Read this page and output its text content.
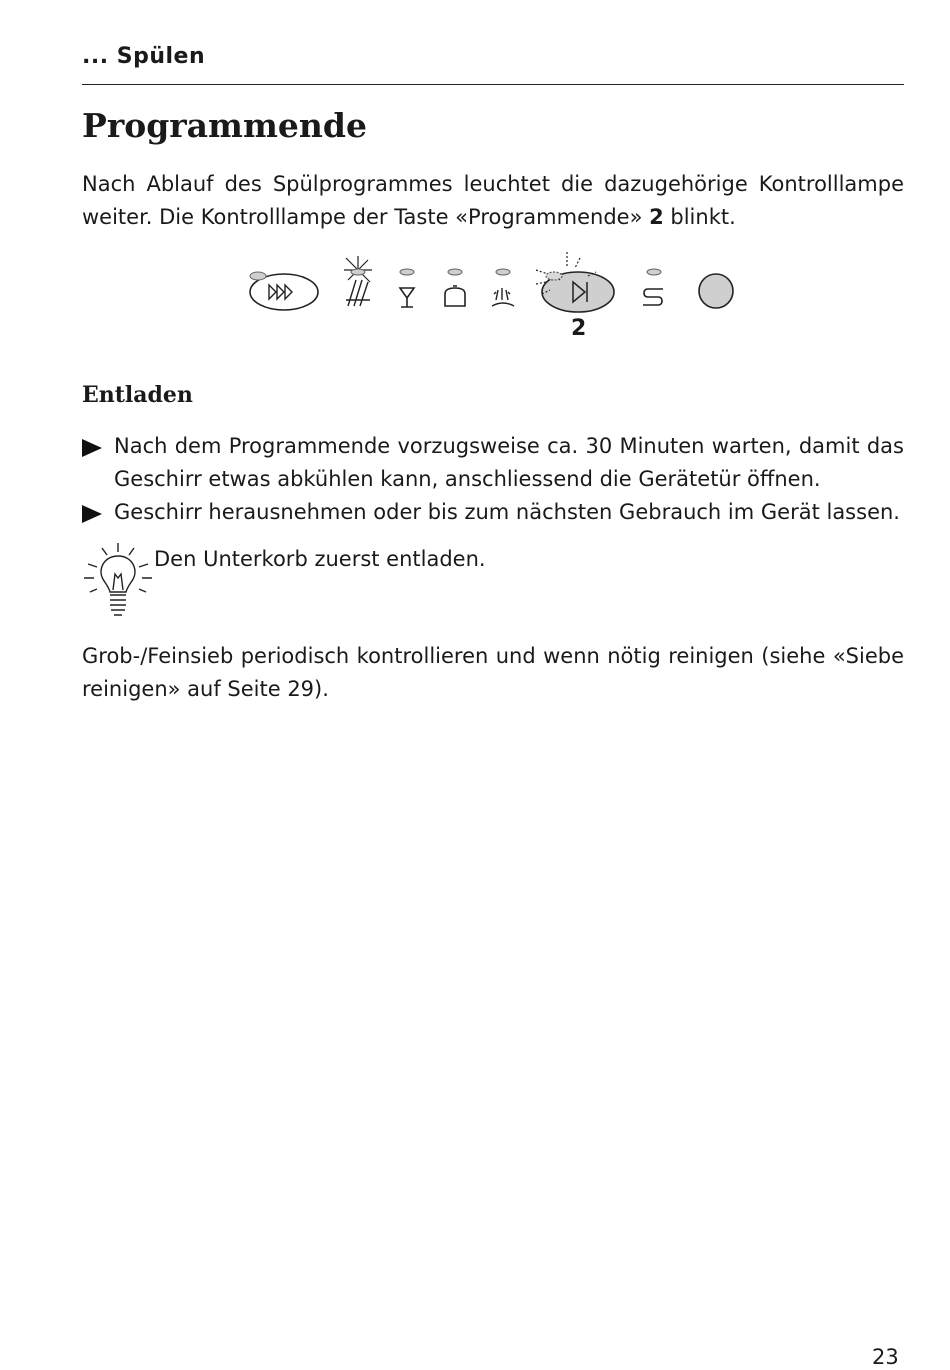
... Spülen
Programmende

Nach Ablauf des Spülprogrammes leuchtet die dazugehörige Kontrolllampe weiter. Die Kontrolllampe der Taste «Programmende» 2 blinkt.

2
Entladen
Nach dem Programmende vorzugsweise ca. 30 Minuten warten, damit das Geschirr etwas abkühlen kann, anschliessend die Gerätetür öffnen.
Geschirr herausnehmen oder bis zum nächsten Gebrauch im Gerät lassen.
Den Unterkorb zuerst entladen.

Grob-/Feinsieb periodisch kontrollieren und wenn nötig reinigen (siehe «Siebe reinigen» auf Seite 29).

23
